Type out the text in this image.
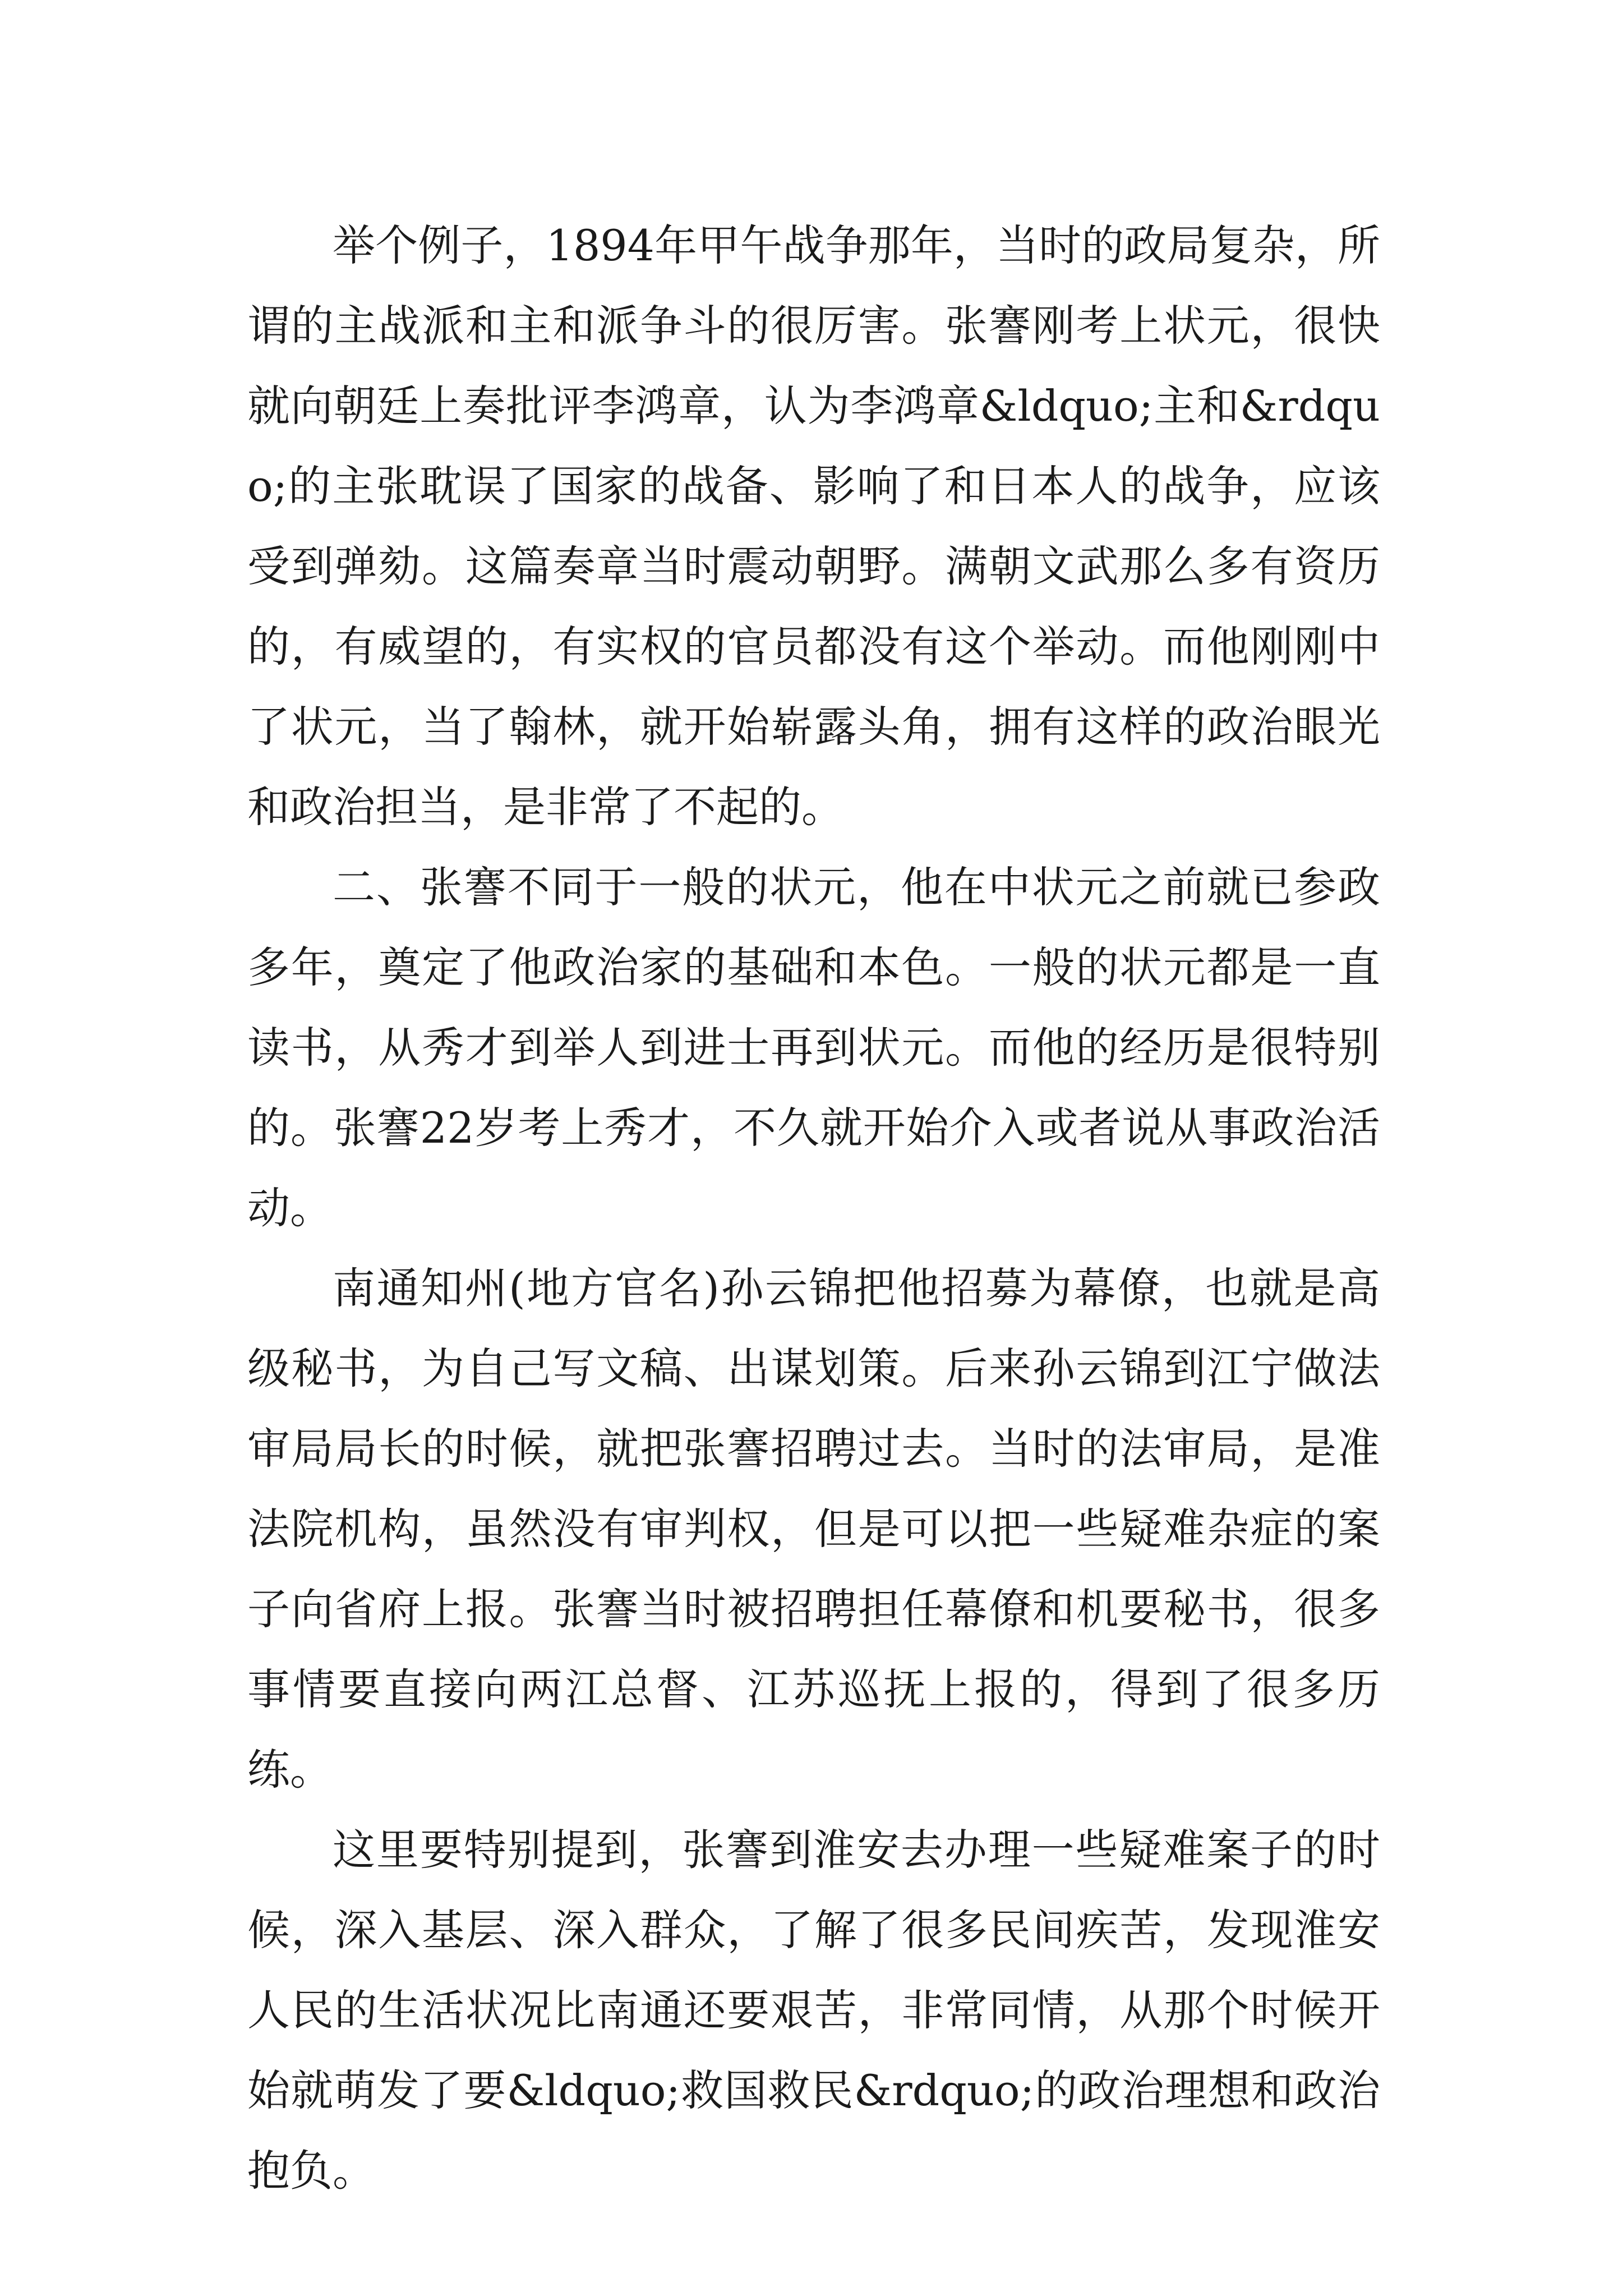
举个例子，1894年甲午战争那年，当时的政局复杂，所谓的主战派和主和派争斗的很厉害。张謇刚考上状元，很快就向朝廷上奏批评李鸿章，认为李鸿章&ldquo;主和&rdquo;的主张耽误了国家的战备、影响了和日本人的战争，应该受到弹劾。这篇奏章当时震动朝野。满朝文武那么多有资历的，有威望的，有实权的官员都没有这个举动。而他刚刚中了状元，当了翰林，就开始崭露头角，拥有这样的政治眼光和政治担当，是非常了不起的。

二、张謇不同于一般的状元，他在中状元之前就已参政多年，奠定了他政治家的基础和本色。一般的状元都是一直读书，从秀才到举人到进士再到状元。而他的经历是很特别的。张謇22岁考上秀才，不久就开始介入或者说从事政治活动。

南通知州(地方官名)孙云锦把他招募为幕僚，也就是高级秘书，为自己写文稿、出谋划策。后来孙云锦到江宁做法审局局长的时候，就把张謇招聘过去。当时的法审局，是准法院机构，虽然没有审判权，但是可以把一些疑难杂症的案子向省府上报。张謇当时被招聘担任幕僚和机要秘书，很多事情要直接向两江总督、江苏巡抚上报的，得到了很多历练。

这里要特别提到，张謇到淮安去办理一些疑难案子的时候，深入基层、深入群众，了解了很多民间疾苦，发现淮安人民的生活状况比南通还要艰苦，非常同情，从那个时候开始就萌发了要&ldquo;救国救民&rdquo;的政治理想和政治抱负。
